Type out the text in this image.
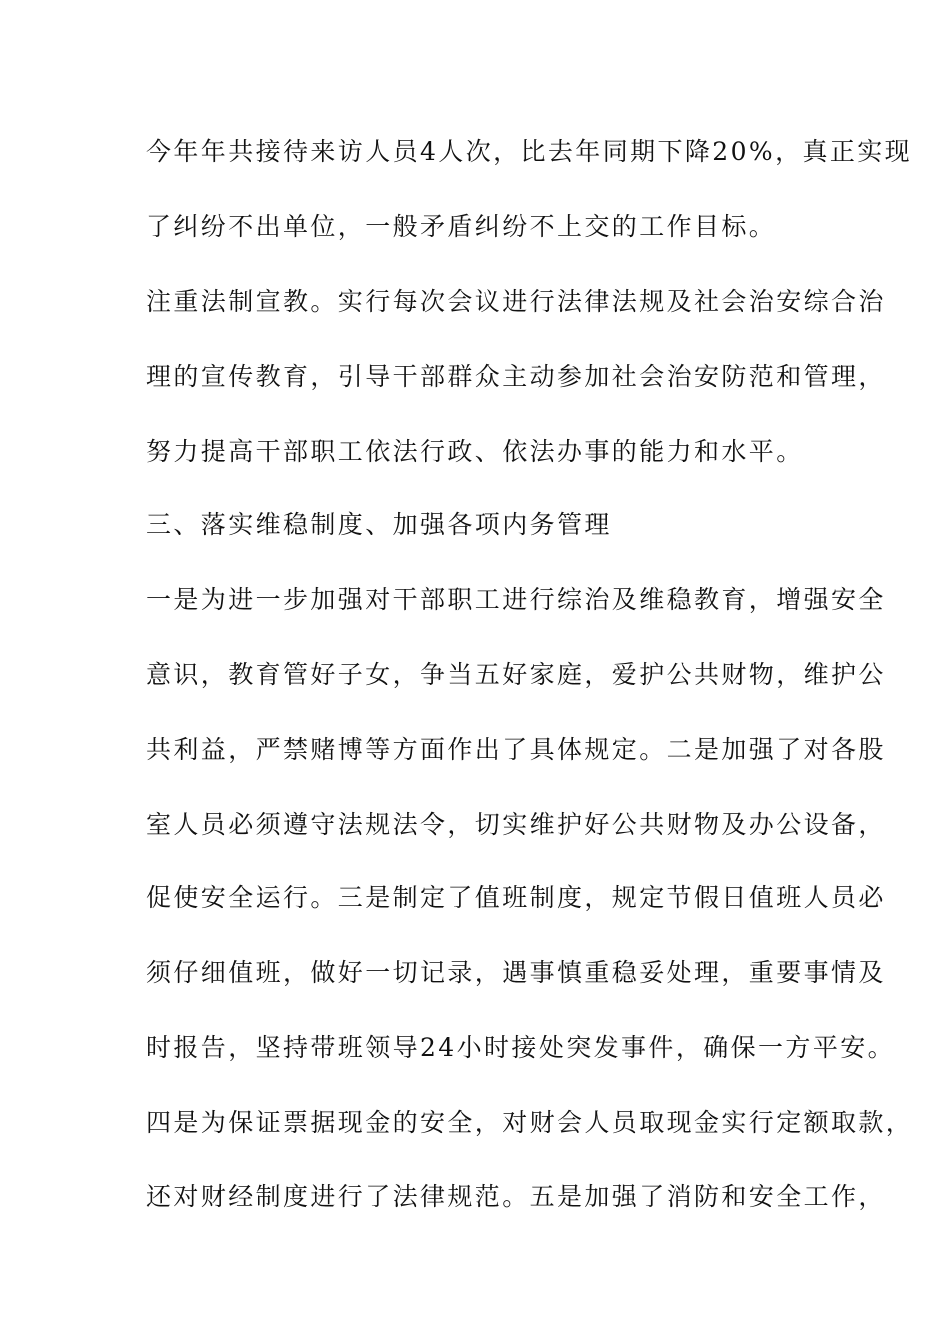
今年年共接待来访人员4人次，比去年同期下降20%，真正实现
了纠纷不出单位，一般矛盾纠纷不上交的工作目标。
注重法制宣教。实行每次会议进行法律法规及社会治安综合治
理的宣传教育，引导干部群众主动参加社会治安防范和管理，
努力提高干部职工依法行政、依法办事的能力和水平。
三、落实维稳制度、加强各项内务管理
一是为进一步加强对干部职工进行综治及维稳教育，增强安全
意识，教育管好子女，争当五好家庭，爱护公共财物，维护公
共利益，严禁赌博等方面作出了具体规定。二是加强了对各股
室人员必须遵守法规法令，切实维护好公共财物及办公设备，
促使安全运行。三是制定了值班制度，规定节假日值班人员必
须仔细值班，做好一切记录，遇事慎重稳妥处理，重要事情及
时报告，坚持带班领导24小时接处突发事件，确保一方平安。
四是为保证票据现金的安全，对财会人员取现金实行定额取款，
还对财经制度进行了法律规范。五是加强了消防和安全工作，
